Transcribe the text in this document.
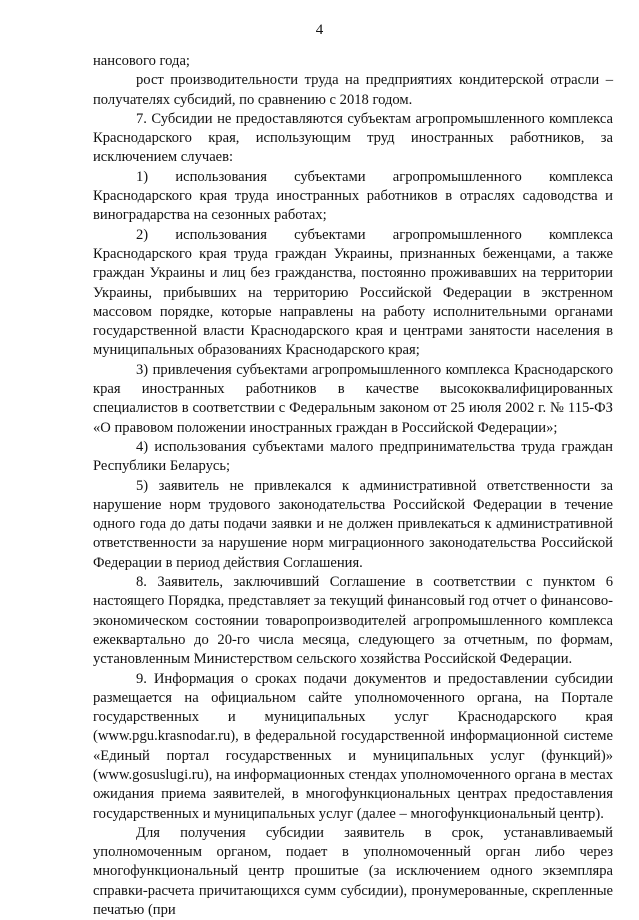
4

нансового года;

рост производительности труда на предприятиях кондитерской отрасли – получателях субсидий, по сравнению с 2018 годом.

7. Субсидии не предоставляются субъектам агропромышленного комплекса Краснодарского края, использующим труд иностранных работников, за исключением случаев:

1) использования субъектами агропромышленного комплекса Краснодарского края труда иностранных работников в отраслях садоводства и виноградарства на сезонных работах;

2) использования субъектами агропромышленного комплекса Краснодарского края труда граждан Украины, признанных беженцами, а также граждан Украины и лиц без гражданства, постоянно проживавших на территории Украины, прибывших на территорию Российской Федерации в экстренном массовом порядке, которые направлены на работу исполнительными органами государственной власти Краснодарского края и центрами занятости населения в муниципальных образованиях Краснодарского края;

3) привлечения субъектами агропромышленного комплекса Краснодарского края иностранных работников в качестве высококвалифицированных специалистов в соответствии с Федеральным законом от 25 июля 2002 г. № 115-ФЗ «О правовом положении иностранных граждан в Российской Федерации»;

4) использования субъектами малого предпринимательства труда граждан Республики Беларусь;

5) заявитель не привлекался к административной ответственности за нарушение норм трудового законодательства Российской Федерации в течение одного года до даты подачи заявки и не должен привлекаться к административной ответственности за нарушение норм миграционного законодательства Российской Федерации в период действия Соглашения.

8. Заявитель, заключивший Соглашение в соответствии с пунктом 6 настоящего Порядка, представляет за текущий финансовый год отчет о финансово-экономическом состоянии товаропроизводителей агропромышленного комплекса ежеквартально до 20-го числа месяца, следующего за отчетным, по формам, установленным Министерством сельского хозяйства Российской Федерации.

9. Информация о сроках подачи документов и предоставлении субсидии размещается на официальном сайте уполномоченного органа, на Портале государственных и муниципальных услуг Краснодарского края (www.pgu.krasnodar.ru), в федеральной государственной информационной системе «Единый портал государственных и муниципальных услуг (функций)» (www.gosuslugi.ru), на информационных стендах уполномоченного органа в местах ожидания приема заявителей, в многофункциональных центрах предоставления государственных и муниципальных услуг (далее – многофункциональный центр).

Для получения субсидии заявитель в срок, устанавливаемый уполномоченным органом, подает в уполномоченный орган либо через многофункциональный центр прошитые (за исключением одного экземпляра справки-расчета причитающихся сумм субсидии), пронумерованные, скрепленные печатью (при
